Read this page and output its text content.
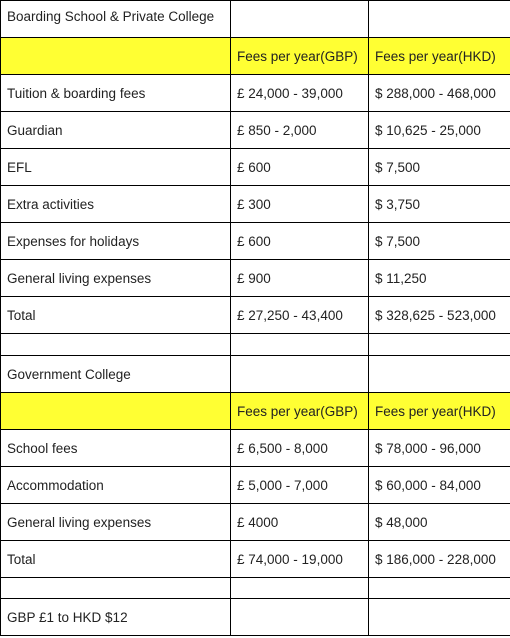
Boarding School & Private College		
	Fees per year(GBP)	Fees per year(HKD)
Tuition & boarding fees	£ 24,000 - 39,000	$ 288,000 - 468,000
Guardian	£ 850 - 2,000	$ 10,625 - 25,000
EFL	£ 600	$ 7,500
Extra activities	£ 300	$ 3,750
Expenses for holidays	£ 600	$ 7,500
General living expenses	£ 900	$ 11,250
Total	£ 27,250 - 43,400	$ 328,625 - 523,000

Government College		
	Fees per year(GBP)	Fees per year(HKD)
School fees	£ 6,500 - 8,000	$ 78,000 - 96,000
Accommodation	£ 5,000 - 7,000	$ 60,000 - 84,000
General living expenses	£ 4000	$ 48,000
Total	£ 74,000 - 19,000	$ 186,000 - 228,000

GBP £1 to HKD $12		
